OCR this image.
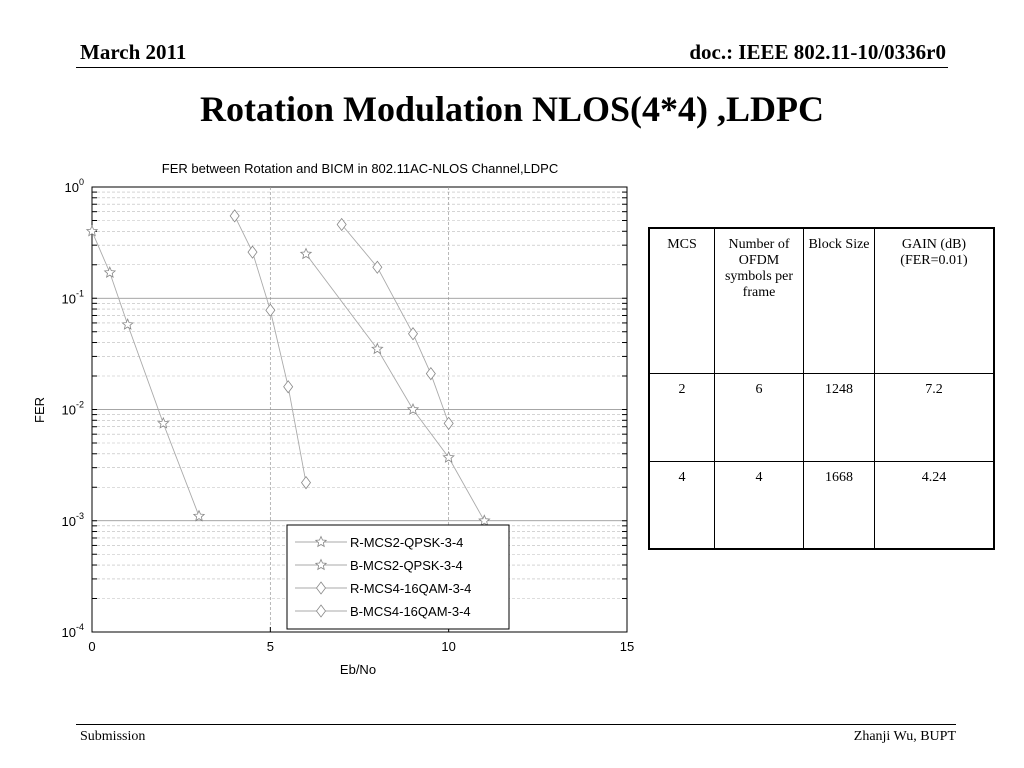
March 2011	doc.: IEEE 802.11-10/0336r0
Rotation Modulation NLOS(4*4) ,LDPC
0	5	10	15
$10^0$
$10^{-1}$
$10^{-2}$
$10^{-3}$
$10^{-4}$
FER between Rotation and BICM in 802.11AC-NLOS Channel,LDPC
Eb/No
FER
R-MCS2-QPSK-3-4
B-MCS2-QPSK-3-4
R-MCS4-16QAM-3-4
B-MCS4-16QAM-3-4
MCS	Number of OFDM symbols per frame	Block Size	GAIN (dB) (FER=0.01)
2	6	1248	7.2
4	4	1668	4.24
Submission	Zhanji Wu, BUPT
